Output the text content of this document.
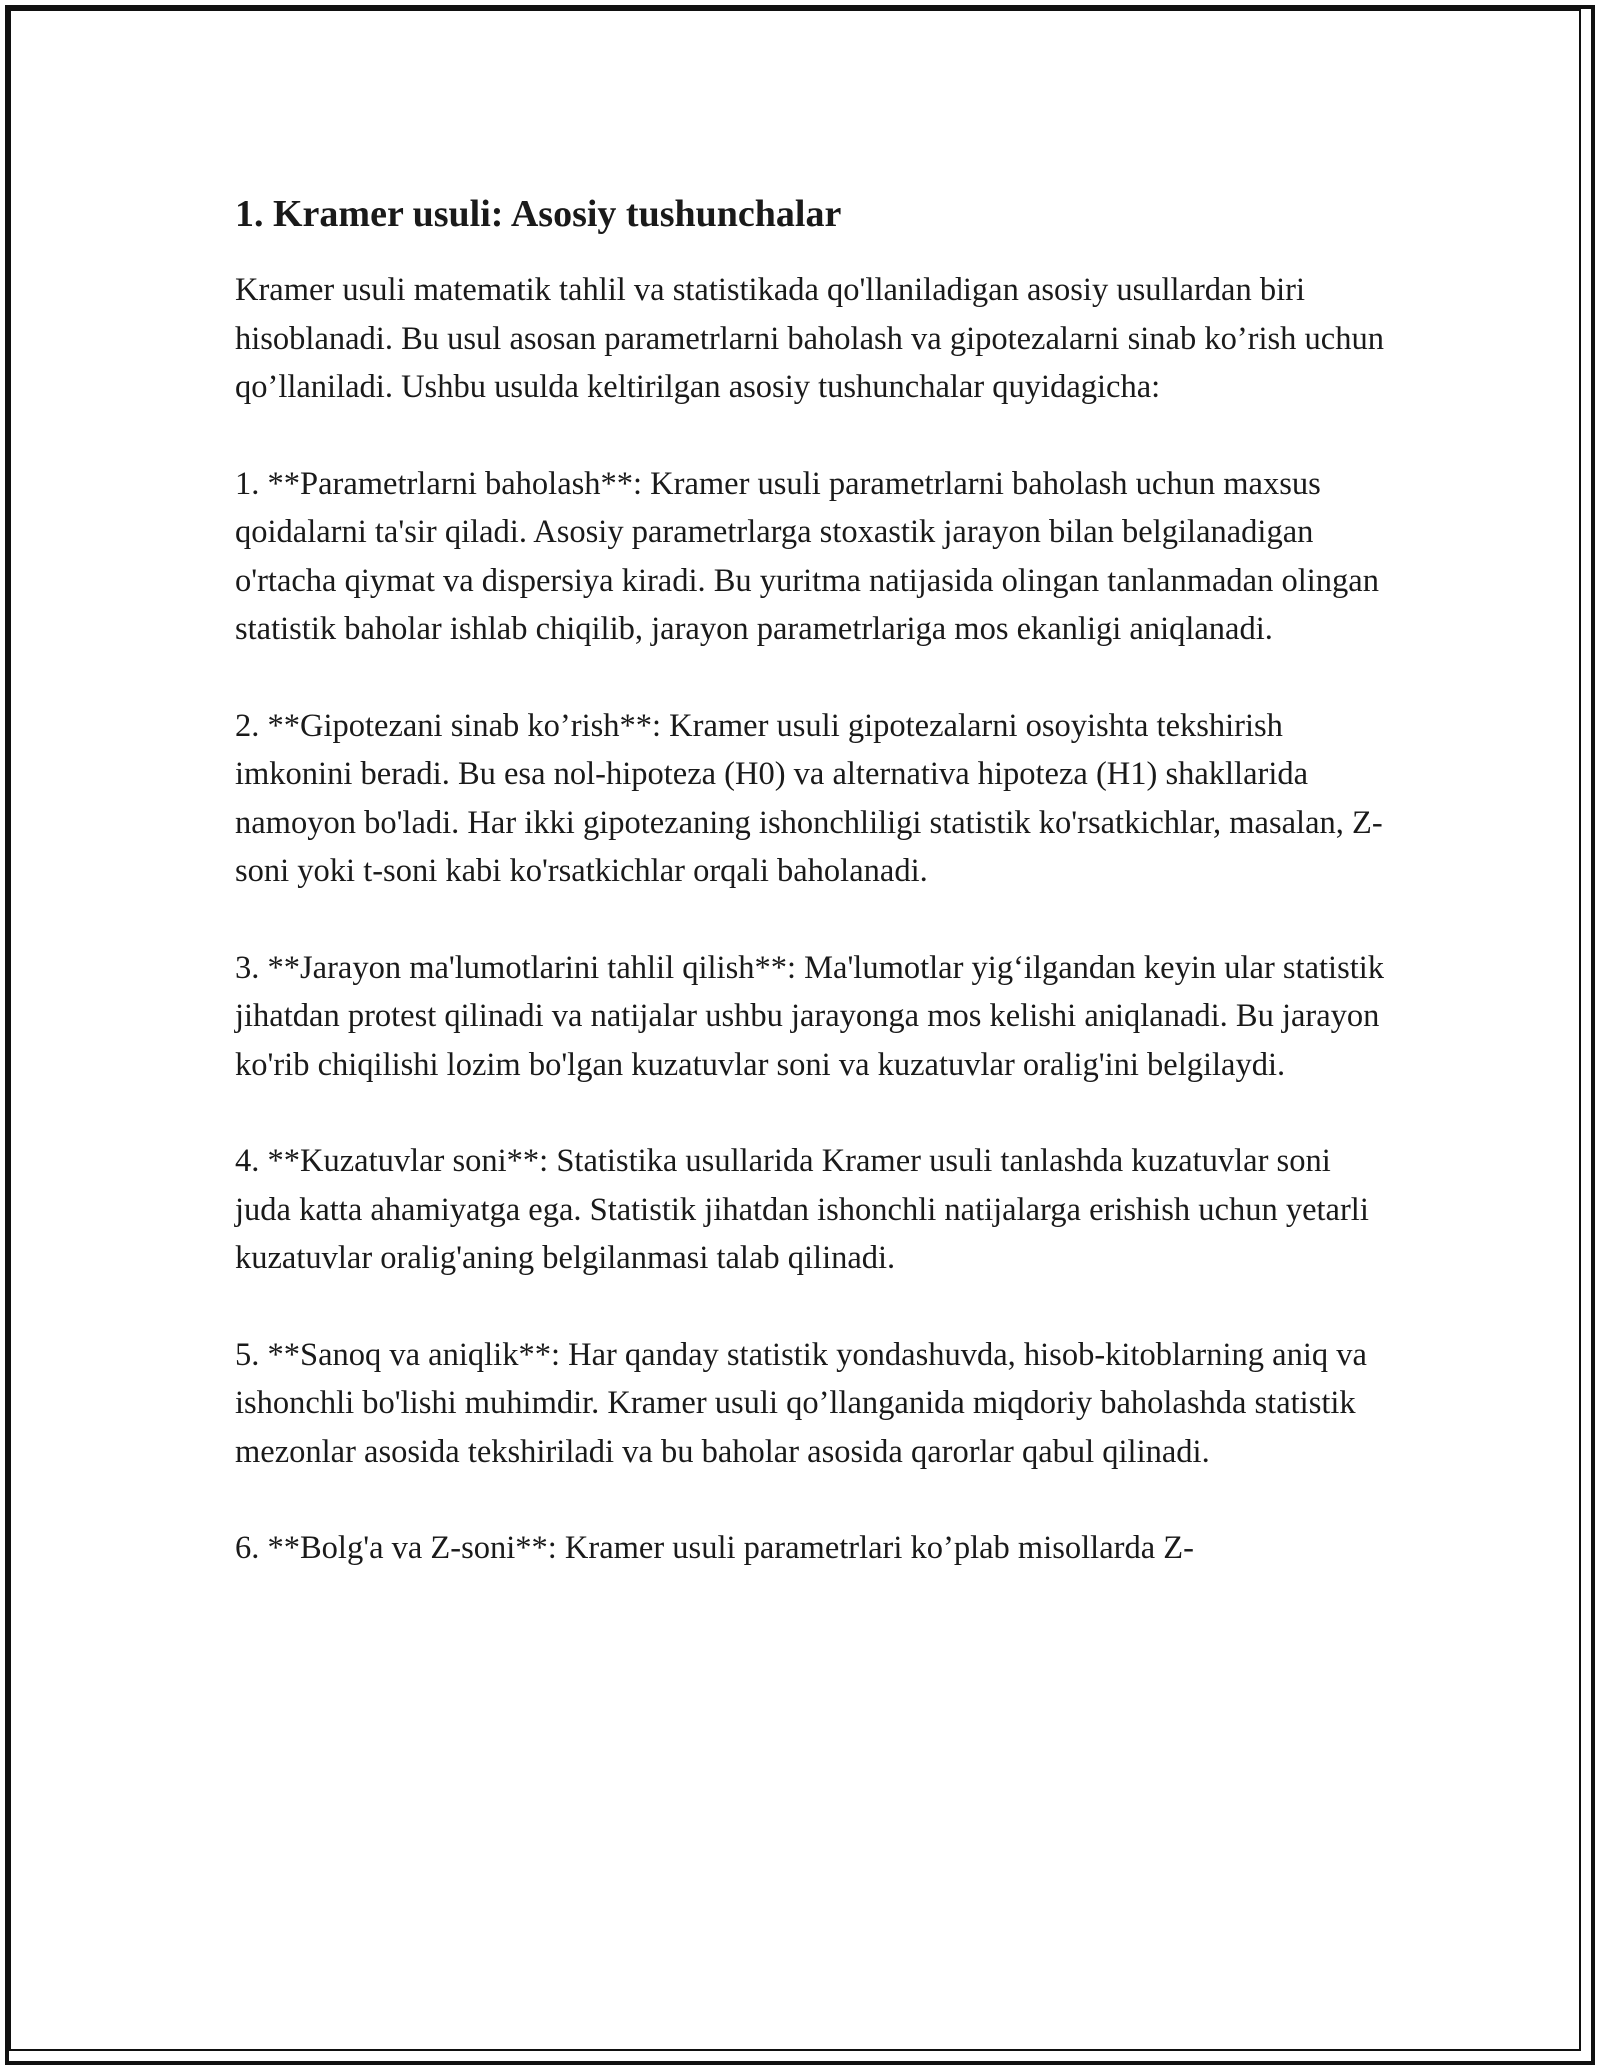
1. Kramer usuli: Asosiy tushunchalar

Kramer usuli matematik tahlil va statistikada qo'llaniladigan asosiy usullardan biri hisoblanadi. Bu usul asosan parametrlarni baholash va gipotezalarni sinab ko’rish uchun qo’llaniladi. Ushbu usulda keltirilgan asosiy tushunchalar quyidagicha:

1. **Parametrlarni baholash**: Kramer usuli parametrlarni baholash uchun maxsus qoidalarni ta'sir qiladi. Asosiy parametrlarga stoxastik jarayon bilan belgilanadigan o'rtacha qiymat va dispersiya kiradi. Bu yuritma natijasida olingan tanlanmadan olingan statistik baholar ishlab chiqilib, jarayon parametrlariga mos ekanligi aniqlanadi.

2. **Gipotezani sinab ko’rish**: Kramer usuli gipotezalarni osoyishta tekshirish imkonini beradi. Bu esa nol-hipoteza (H0) va alternativa hipoteza (H1) shakllarida namoyon bo'ladi. Har ikki gipotezaning ishonchliligi statistik ko'rsatkichlar, masalan, Z-soni yoki t-soni kabi ko'rsatkichlar orqali baholanadi.

3. **Jarayon ma'lumotlarini tahlil qilish**: Ma'lumotlar yig‘ilgandan keyin ular statistik jihatdan protest qilinadi va natijalar ushbu jarayonga mos kelishi aniqlanadi. Bu jarayon ko'rib chiqilishi lozim bo'lgan kuzatuvlar soni va kuzatuvlar oralig'ini belgilaydi.

4. **Kuzatuvlar soni**: Statistika usullarida Kramer usuli tanlashda kuzatuvlar soni juda katta ahamiyatga ega. Statistik jihatdan ishonchli natijalarga erishish uchun yetarli kuzatuvlar oralig'aning belgilanmasi talab qilinadi.

5. **Sanoq va aniqlik**: Har qanday statistik yondashuvda, hisob-kitoblarning aniq va ishonchli bo'lishi muhimdir. Kramer usuli qo’llanganida miqdoriy baholashda statistik mezonlar asosida tekshiriladi va bu baholar asosida qarorlar qabul qilinadi.

6. **Bolg'a va Z-soni**: Kramer usuli parametrlari ko’plab misollarda Z-
